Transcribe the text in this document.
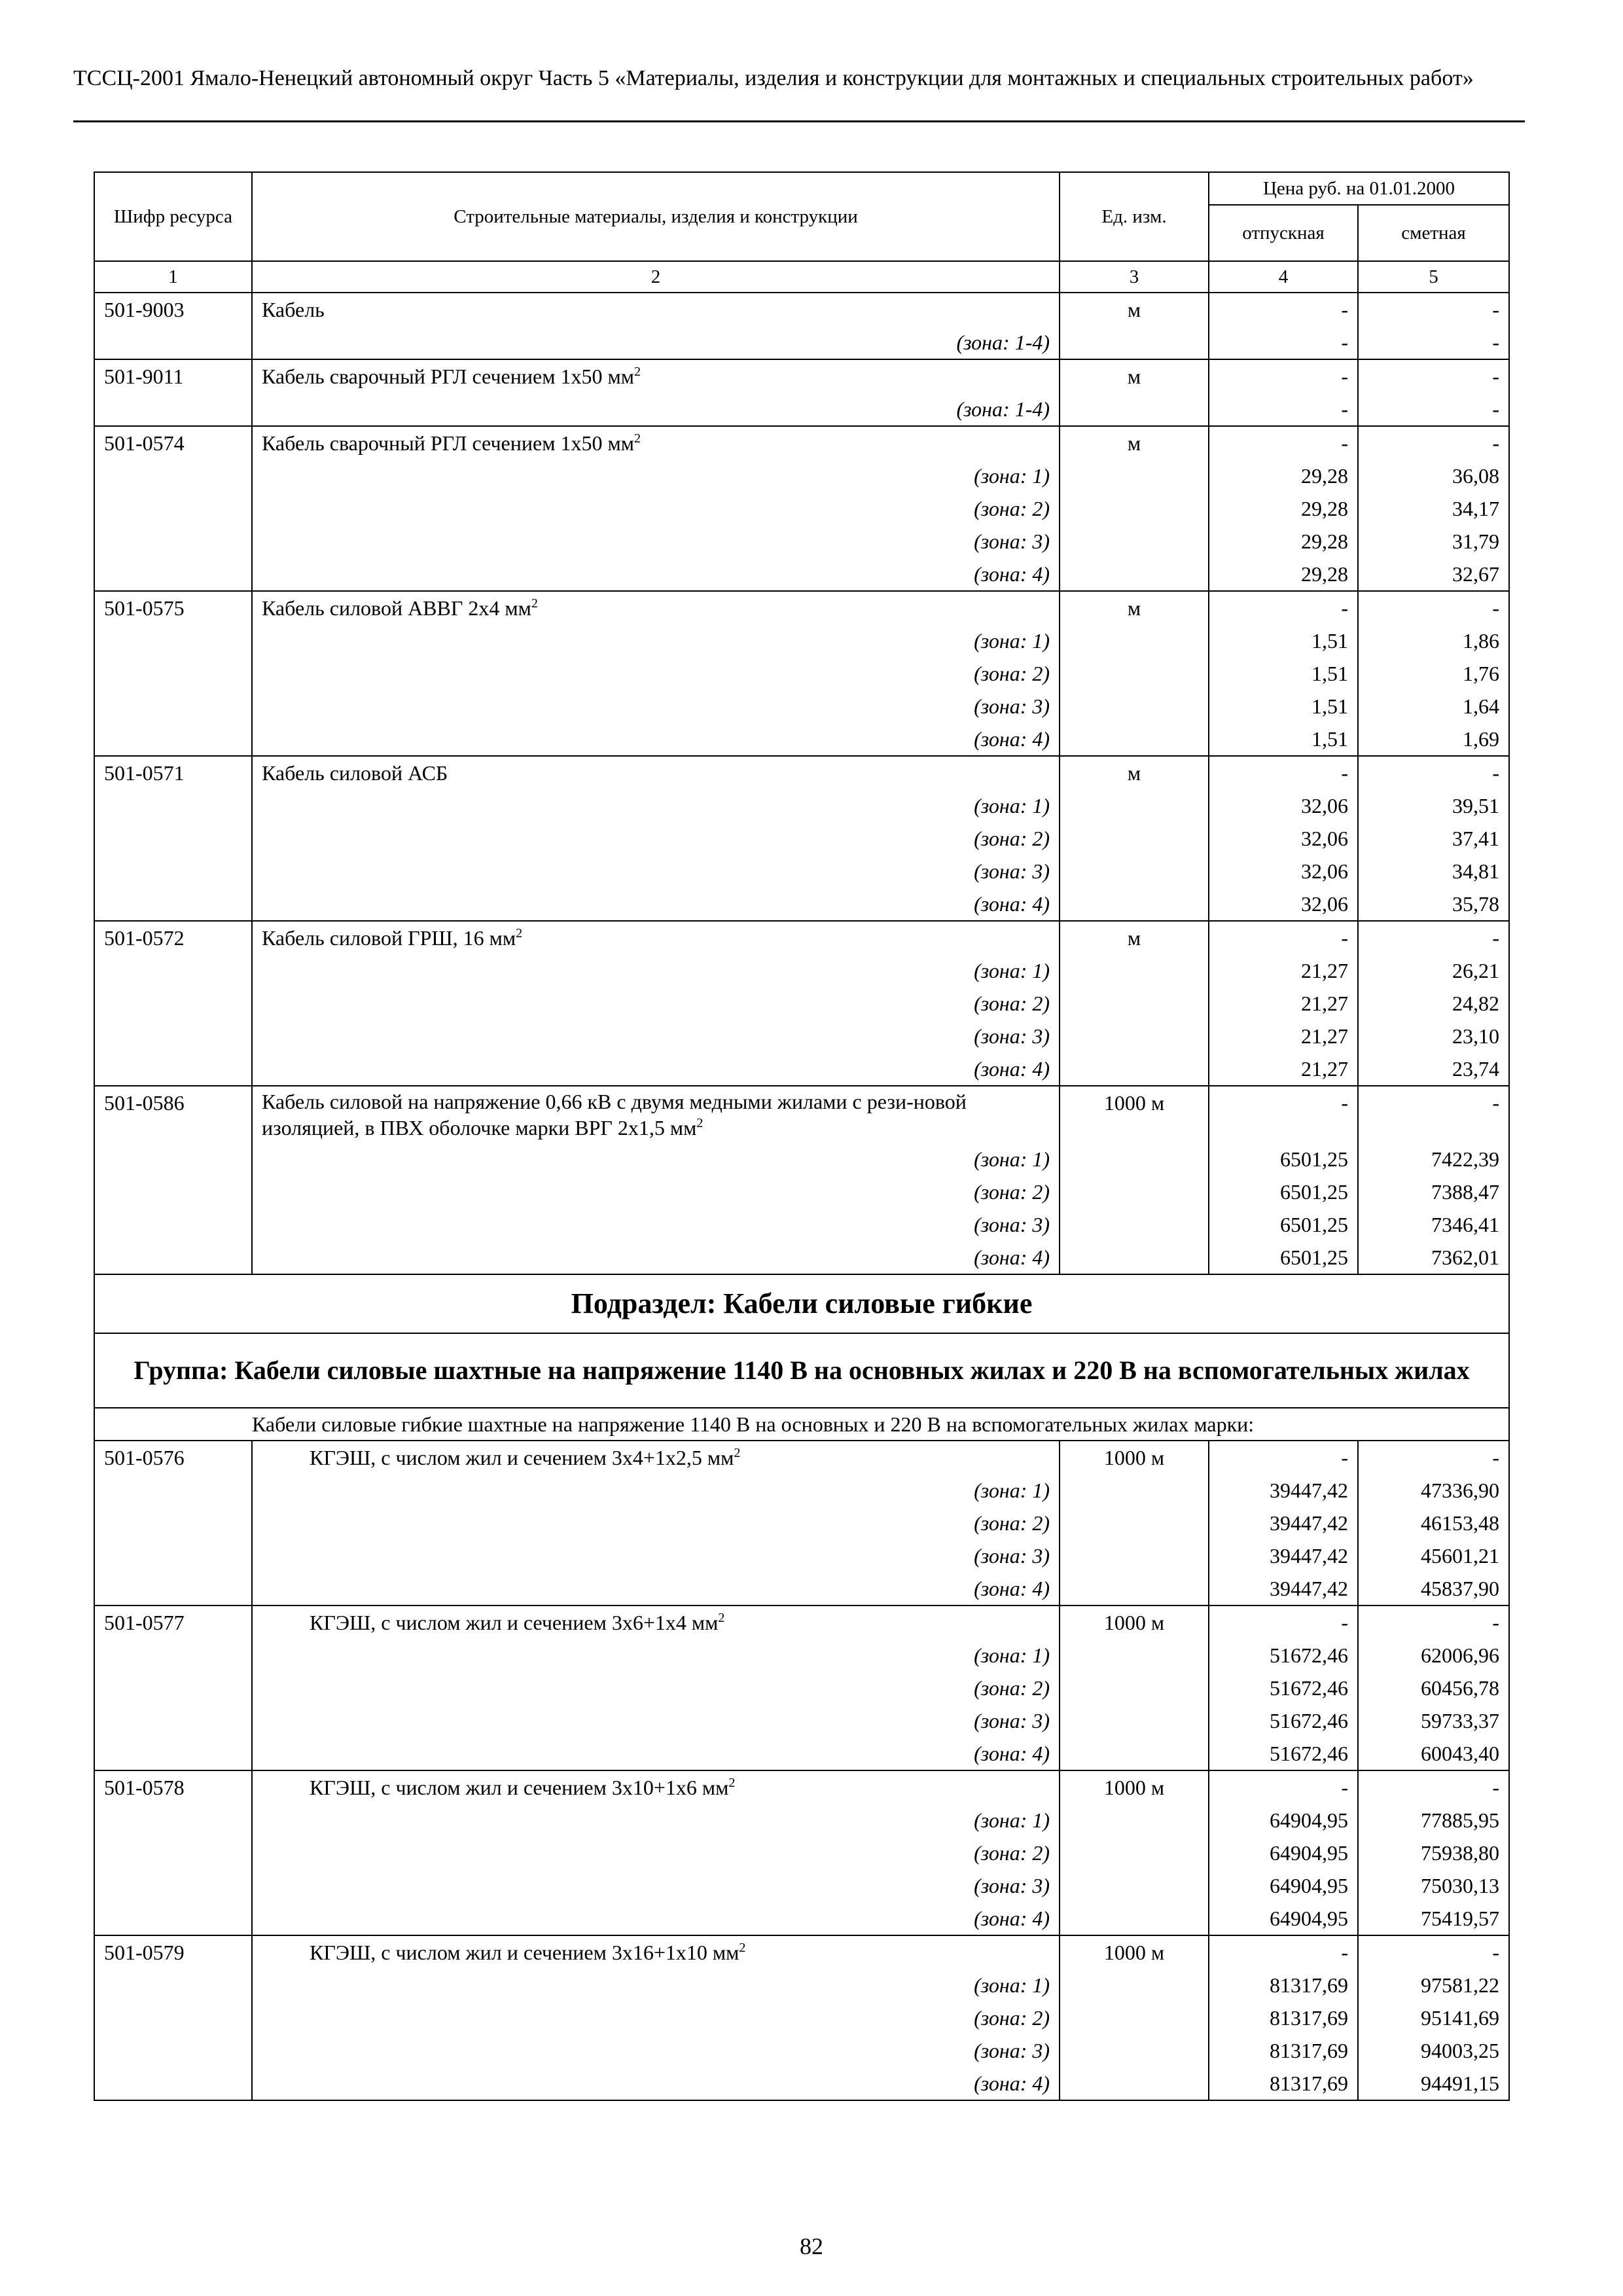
ТССЦ-2001 Ямало-Ненецкий автономный округ Часть 5 «Материалы, изделия и конструкции для монтажных и специальных строительных работ»
Шифр ресурса	Строительные материалы, изделия и конструкции	Ед. изм.	Цена руб. на 01.01.2000	
			отпускная	сметная
1	2	3	4	5
501-9003	Кабель	м	-	-
	(зона: 1-4)		-	-
501-9011	Кабель сварочный РГЛ сечением 1х50 $мм^2$	м	-	-
	(зона: 1-4)		-	-
501-0574	Кабель сварочный РГЛ сечением 1х50 $мм^2$	м	-	-
	(зона: 1)		29,28	36,08
	(зона: 2)		29,28	34,17
	(зона: 3)		29,28	31,79
	(зона: 4)		29,28	32,67
501-0575	Кабель силовой АВВГ 2х4 $мм^2$	м	-	-
	(зона: 1)		1,51	1,86
	(зона: 2)		1,51	1,76
	(зона: 3)		1,51	1,64
	(зона: 4)		1,51	1,69
501-0571	Кабель силовой АСБ	м	-	-
	(зона: 1)		32,06	39,51
	(зона: 2)		32,06	37,41
	(зона: 3)		32,06	34,81
	(зона: 4)		32,06	35,78
501-0572	Кабель силовой ГРШ, 16 $мм^2$	м	-	-
	(зона: 1)		21,27	26,21
	(зона: 2)		21,27	24,82
	(зона: 3)		21,27	23,10
	(зона: 4)		21,27	23,74
501-0586	Кабель силовой на напряжение 0,66 кВ с двумя медными жилами с рези-новой изоляцией, в ПВХ оболочке марки ВРГ 2х1,5 $мм^2$	1000 м	-	-
	(зона: 1)		6501,25	7422,39
	(зона: 2)		6501,25	7388,47
	(зона: 3)		6501,25	7346,41
	(зона: 4)		6501,25	7362,01
Подраздел: Кабели силовые гибкие				
Группа: Кабели силовые шахтные на напряжение 1140 В на основных жилах и 220 В на вспомогательных жилах				
Кабели силовые гибкие шахтные на напряжение 1140 В на основных и 220 В на вспомогательных жилах марки:				
501-0576	КГЭШ, с числом жил и сечением 3х4+1х2,5 $мм^2$	1000 м	-	-
	(зона: 1)		39447,42	47336,90
	(зона: 2)		39447,42	46153,48
	(зона: 3)		39447,42	45601,21
	(зона: 4)		39447,42	45837,90
501-0577	КГЭШ, с числом жил и сечением 3х6+1х4 $мм^2$	1000 м	-	-
	(зона: 1)		51672,46	62006,96
	(зона: 2)		51672,46	60456,78
	(зона: 3)		51672,46	59733,37
	(зона: 4)		51672,46	60043,40
501-0578	КГЭШ, с числом жил и сечением 3х10+1х6 $мм^2$	1000 м	-	-
	(зона: 1)		64904,95	77885,95
	(зона: 2)		64904,95	75938,80
	(зона: 3)		64904,95	75030,13
	(зона: 4)		64904,95	75419,57
501-0579	КГЭШ, с числом жил и сечением 3х16+1х10 $мм^2$	1000 м	-	-
	(зона: 1)		81317,69	97581,22
	(зона: 2)		81317,69	95141,69
	(зона: 3)		81317,69	94003,25
	(зона: 4)		81317,69	94491,15
82
